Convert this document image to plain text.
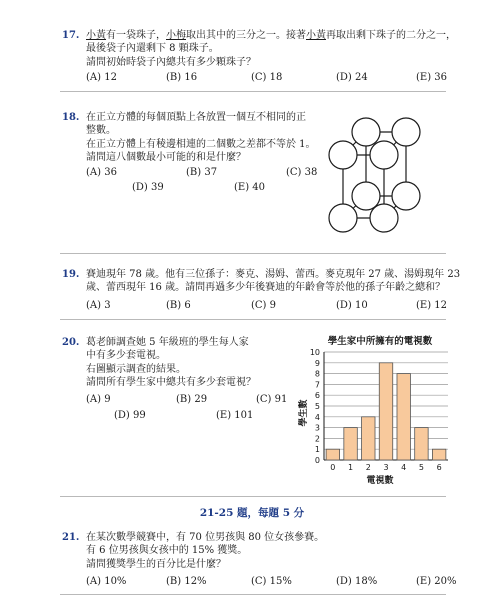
17. 小黃有一袋珠子，小梅取出其中的三分之一。接著小黃再取出剩下珠子的二分之一，
最後袋子內還剩下 8 顆珠子。
請問初始時袋子內總共有多少顆珠子？
(A) 12	(B) 16	(C) 18	(D) 24	(E) 36
18. 在正立方體的每個頂點上各放置一個互不相同的正
整數。
在正立方體上有稜邊相連的二個數之差都不等於 1。
請問這八個數最小可能的和是什麼？
(A) 36	(B) 37	(C) 38
(D) 39	(E) 40
19. 賽迪現年 78 歲。他有三位孫子：麥克、湯姆、蕾西。麥克現年 27 歲、湯姆現年 23
歲、蕾西現年 16 歲。請問再過多少年後賽迪的年齡會等於他的孫子年齡之總和？
(A) 3	(B) 6	(C) 9	(D) 10	(E) 12
20. 葛老師調查她 5 年級班的學生每人家
中有多少套電視。
右圖顯示調查的結果。
請問所有學生家中總共有多少套電視？
(A) 9	(B) 29	(C) 91
(D) 99	(E) 101
學生家中所擁有的電視數
0
1
2
3
4
5
6
7
8
9
10
0 1 2 3 4 5 6
電視數
學生數
21-25 題，每題 5 分
21. 在某次數學競賽中，有 70 位男孩與 80 位女孩參賽。
有 6 位男孩與女孩中的 15% 獲獎。
請問獲獎學生的百分比是什麼？
(A) 10%	(B) 12%	(C) 15%	(D) 18%	(E) 20%
